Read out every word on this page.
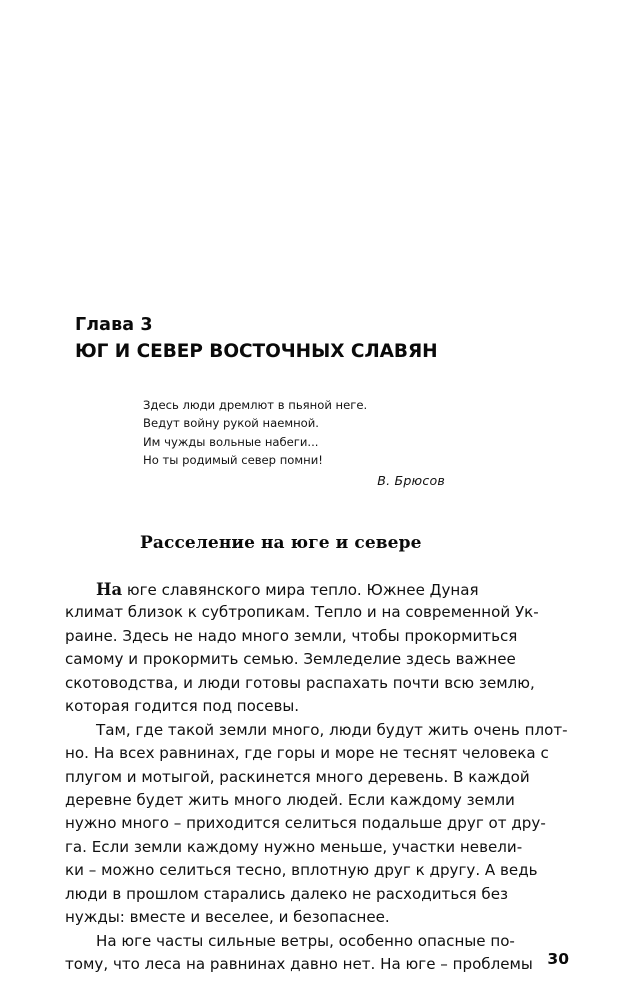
Глава 3
ЮГ И СЕВЕР ВОСТОЧНЫХ СЛАВЯН
Здесь люди дремлют в пьяной неге.
Ведут войну рукой наемной.
Им чужды вольные набеги...
Но ты родимый север помни!
В. Брюсов
Расселение на юге и севере

На юге славянского мира тепло. Южнее Дуная
климат близок к субтропикам. Тепло и на современной Ук-
раине. Здесь не надо много земли, чтобы прокормиться
самому и прокормить семью. Земледелие здесь важнее
скотоводства, и люди готовы распахать почти всю землю,
которая годится под посевы.

Там, где такой земли много, люди будут жить очень плот-
но. На всех равнинах, где горы и море не теснят человека с
плугом и мотыгой, раскинется много деревень. В каждой
деревне будет жить много людей. Если каждому земли
нужно много – приходится селиться подальше друг от дру-
га. Если земли каждому нужно меньше, участки невели-
ки – можно селиться тесно, вплотную друг к другу. А ведь
люди в прошлом старались далеко не расходиться без
нужды: вместе и веселее, и безопаснее.

На юге часты сильные ветры, особенно опасные по-
тому, что леса на равнинах давно нет. На юге – проблемы 30
